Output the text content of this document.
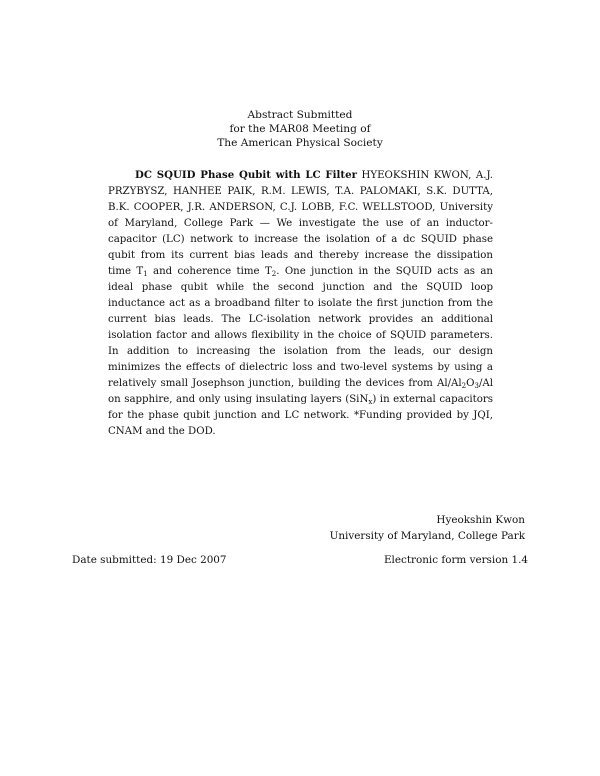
Abstract Submitted
for the MAR08 Meeting of
The American Physical Society
DC SQUID Phase Qubit with LC Filter HYEOKSHIN KWON, A.J. PRZYBYSZ, HANHEE PAIK, R.M. LEWIS, T.A. PALOMAKI, S.K. DUTTA, B.K. COOPER, J.R. ANDERSON, C.J. LOBB, F.C. WELLSTOOD, University of Maryland, College Park — We investigate the use of an inductor-capacitor (LC) network to increase the isolation of a dc SQUID phase qubit from its current bias leads and thereby increase the dissipation time $T_1$ and coherence time $T_2$. One junction in the SQUID acts as an ideal phase qubit while the second junction and the SQUID loop inductance act as a broadband filter to isolate the first junction from the current bias leads. The LC-isolation network provides an additional isolation factor and allows flexibility in the choice of SQUID parameters. In addition to increasing the isolation from the leads, our design minimizes the effects of dielectric loss and two-level systems by using a relatively small Josephson junction, building the devices from $Al/Al_2O_3/Al$ on sapphire, and only using insulating layers (SiN$_x$) in external capacitors for the phase qubit junction and LC network. *Funding provided by JQI, CNAM and the DOD.
Hyeokshin Kwon
University of Maryland, College Park
Date submitted: 19 Dec 2007	Electronic form version 1.4
